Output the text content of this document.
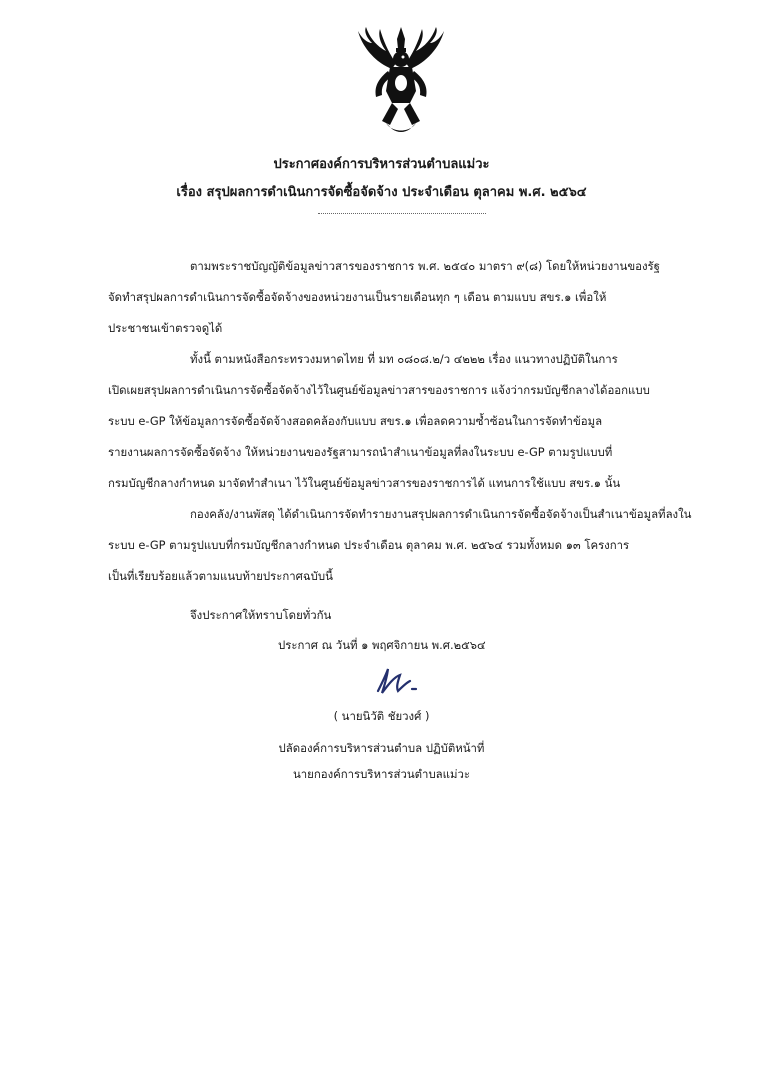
ประกาศองค์การบริหารส่วนตำบลแม่วะ
เรื่อง สรุปผลการดำเนินการจัดซื้อจัดจ้าง ประจำเดือน ตุลาคม พ.ศ. ๒๕๖๔
ตามพระราชบัญญัติข้อมูลข่าวสารของราชการ พ.ศ. ๒๕๔๐ มาตรา ๙(๘) โดยให้หน่วยงานของรัฐ
จัดทำสรุปผลการดำเนินการจัดซื้อจัดจ้างของหน่วยงานเป็นรายเดือนทุก ๆ เดือน ตามแบบ สขร.๑ เพื่อให้
ประชาชนเข้าตรวจดูได้
ทั้งนี้ ตามหนังสือกระทรวงมหาดไทย ที่ มท ๐๘๐๘.๒/ว ๔๒๒๒ เรื่อง แนวทางปฏิบัติในการ
เปิดเผยสรุปผลการดำเนินการจัดซื้อจัดจ้างไว้ในศูนย์ข้อมูลข่าวสารของราชการ แจ้งว่ากรมบัญชีกลางได้ออกแบบ
ระบบ e-GP ให้ข้อมูลการจัดซื้อจัดจ้างสอดคล้องกับแบบ สขร.๑ เพื่อลดความซ้ำซ้อนในการจัดทำข้อมูล
รายงานผลการจัดซื้อจัดจ้าง ให้หน่วยงานของรัฐสามารถนำสำเนาข้อมูลที่ลงในระบบ e-GP ตามรูปแบบที่
กรมบัญชีกลางกำหนด มาจัดทำสำเนา ไว้ในศูนย์ข้อมูลข่าวสารของราชการได้ แทนการใช้แบบ สขร.๑ นั้น
กองคลัง/งานพัสดุ ได้ดำเนินการจัดทำรายงานสรุปผลการดำเนินการจัดซื้อจัดจ้างเป็นสำเนาข้อมูลที่ลงใน
ระบบ e-GP ตามรูปแบบที่กรมบัญชีกลางกำหนด ประจำเดือน ตุลาคม พ.ศ. ๒๕๖๔ รวมทั้งหมด ๑๓ โครงการ
เป็นที่เรียบร้อยแล้วตามแนบท้ายประกาศฉบับนี้
จึงประกาศให้ทราบโดยทั่วกัน
ประกาศ ณ วันที่ ๑ พฤศจิกายน พ.ศ.๒๕๖๔
( นายนิวัติ ชัยวงศ์ )
ปลัดองค์การบริหารส่วนตำบล ปฏิบัติหน้าที่
นายกองค์การบริหารส่วนตำบลแม่วะ
